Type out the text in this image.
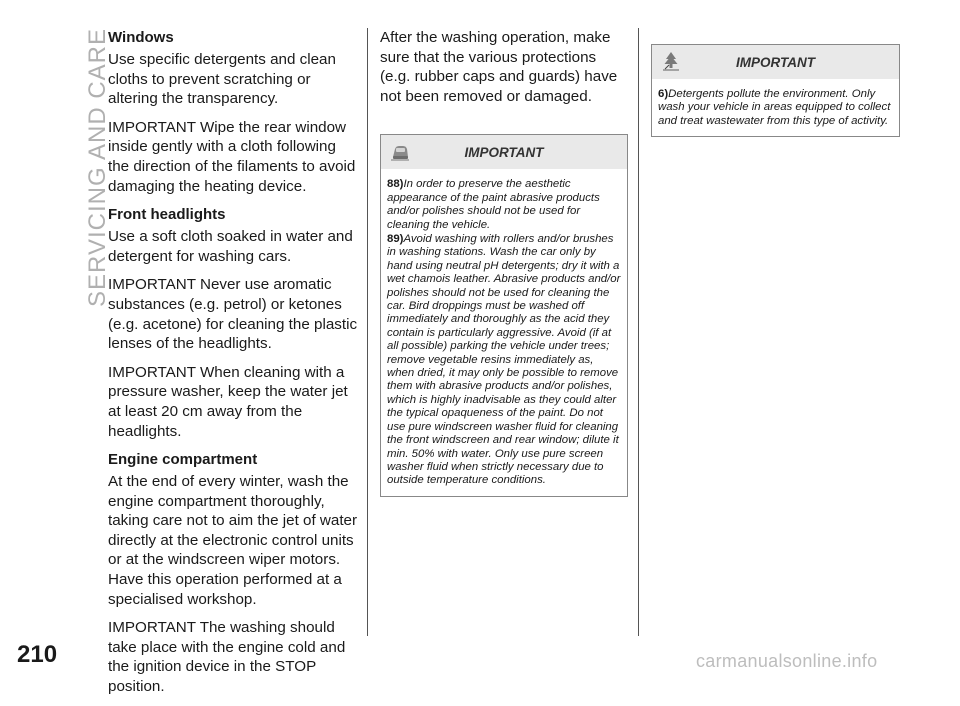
SERVICING AND CARE
Windows

Use specific detergents and clean cloths to prevent scratching or altering the transparency.

IMPORTANT Wipe the rear window inside gently with a cloth following the direction of the filaments to avoid damaging the heating device.

Front headlights

Use a soft cloth soaked in water and detergent for washing cars.

IMPORTANT Never use aromatic substances (e.g. petrol) or ketones (e.g. acetone) for cleaning the plastic lenses of the headlights.

IMPORTANT When cleaning with a pressure washer, keep the water jet at least 20 cm away from the headlights.

Engine compartment

At the end of every winter, wash the engine compartment thoroughly, taking care not to aim the jet of water directly at the electronic control units or at the windscreen wiper motors. Have this operation performed at a specialised workshop.

IMPORTANT The washing should take place with the engine cold and the ignition device in the STOP position.

After the washing operation, make sure that the various protections (e.g. rubber caps and guards) have not been removed or damaged.

IMPORTANT

88)In order to preserve the aesthetic appearance of the paint abrasive products and/or polishes should not be used for cleaning the vehicle.

89)Avoid washing with rollers and/or brushes in washing stations. Wash the car only by hand using neutral pH detergents; dry it with a wet chamois leather. Abrasive products and/or polishes should not be used for cleaning the car. Bird droppings must be washed off immediately and thoroughly as the acid they contain is particularly aggressive. Avoid (if at all possible) parking the vehicle under trees; remove vegetable resins immediately as, when dried, it may only be possible to remove them with abrasive products and/or polishes, which is highly inadvisable as they could alter the typical opaqueness of the paint. Do not use pure windscreen washer fluid for cleaning the front windscreen and rear window; dilute it min. 50% with water. Only use pure screen washer fluid when strictly necessary due to outside temperature conditions.

IMPORTANT

6)Detergents pollute the environment. Only wash your vehicle in areas equipped to collect and treat wastewater from this type of activity.

210	carmanualsonline.info
